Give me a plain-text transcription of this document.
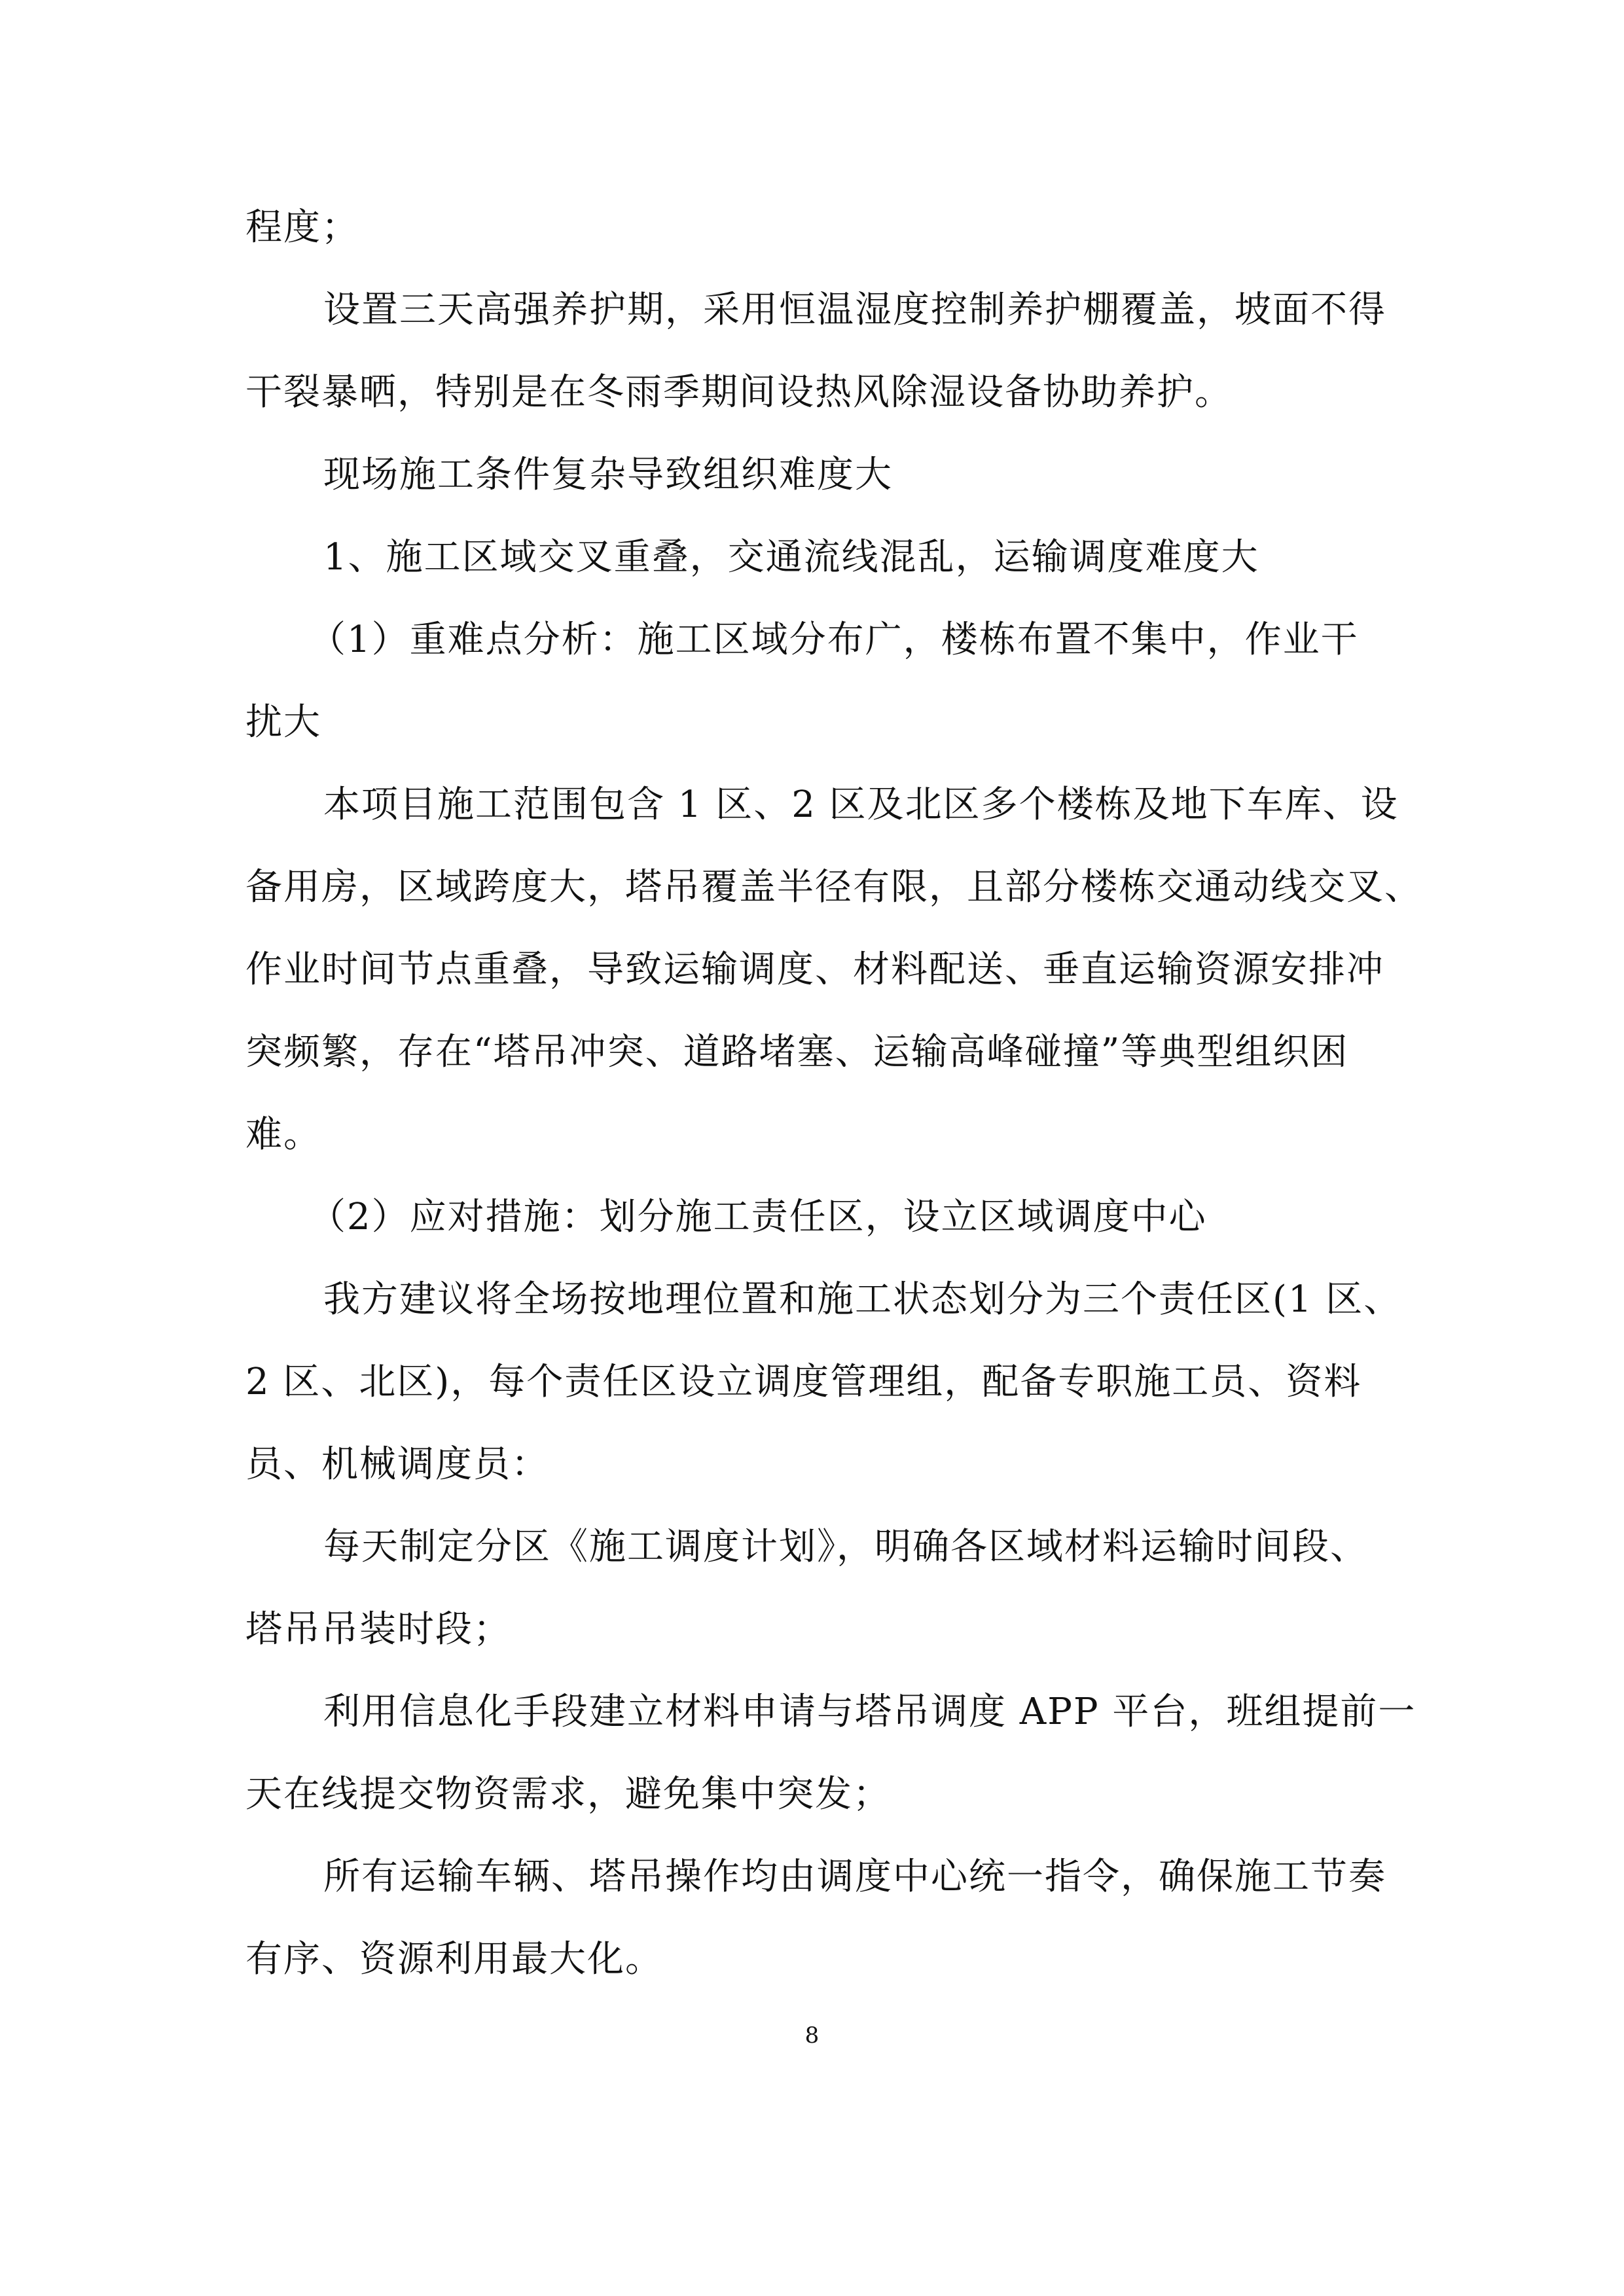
程度；
设置三天高强养护期，采用恒温湿度控制养护棚覆盖，坡面不得
干裂暴晒，特别是在冬雨季期间设热风除湿设备协助养护。
现场施工条件复杂导致组织难度大
1、施工区域交叉重叠，交通流线混乱，运输调度难度大
（1）重难点分析：施工区域分布广，楼栋布置不集中，作业干
扰大
本项目施工范围包含 1 区、2 区及北区多个楼栋及地下车库、设
备用房，区域跨度大，塔吊覆盖半径有限，且部分楼栋交通动线交叉、
作业时间节点重叠，导致运输调度、材料配送、垂直运输资源安排冲
突频繁，存在“塔吊冲突、道路堵塞、运输高峰碰撞”等典型组织困
难。
（2）应对措施：划分施工责任区，设立区域调度中心
我方建议将全场按地理位置和施工状态划分为三个责任区(1 区、
2 区、北区)，每个责任区设立调度管理组，配备专职施工员、资料
员、机械调度员：
每天制定分区《施工调度计划》，明确各区域材料运输时间段、
塔吊吊装时段；
利用信息化手段建立材料申请与塔吊调度 APP 平台，班组提前一
天在线提交物资需求，避免集中突发；
所有运输车辆、塔吊操作均由调度中心统一指令，确保施工节奏
有序、资源利用最大化。
8
